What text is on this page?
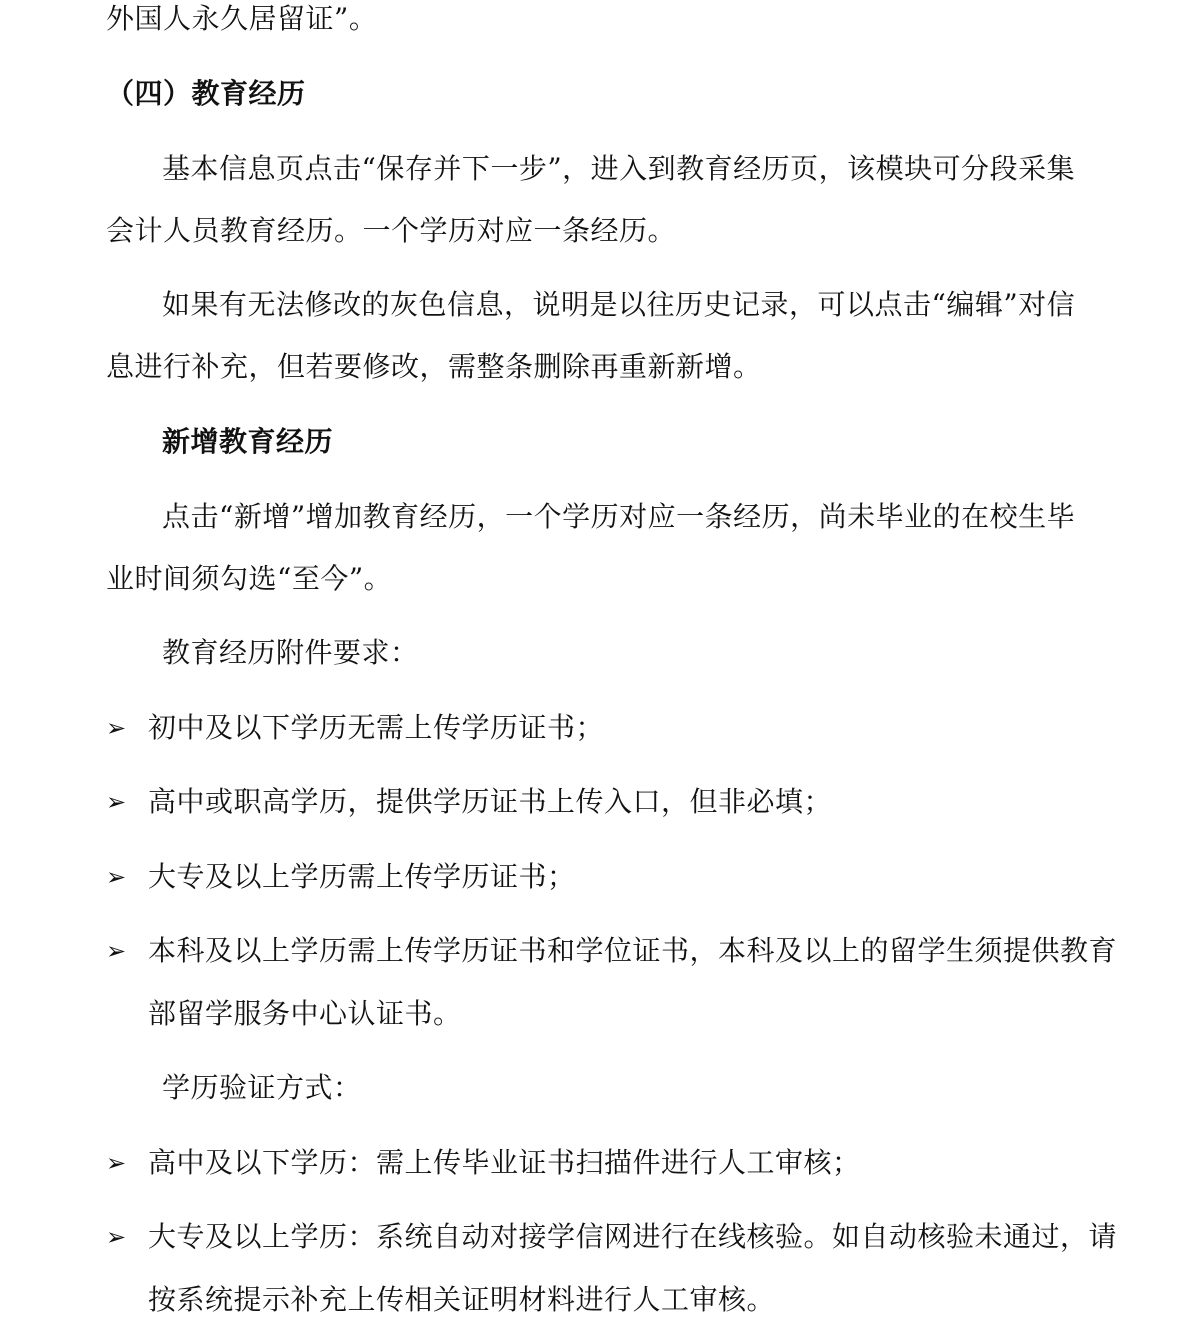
外国人永久居留证”。
（四）教育经历
基本信息页点击“保存并下一步”，进入到教育经历页，该模块可分段采集
会计人员教育经历。一个学历对应一条经历。
如果有无法修改的灰色信息，说明是以往历史记录，可以点击“编辑”对信
息进行补充，但若要修改，需整条删除再重新新增。
新增教育经历
点击“新增”增加教育经历，一个学历对应一条经历，尚未毕业的在校生毕
业时间须勾选“至今”。
教育经历附件要求：
➢ 初中及以下学历无需上传学历证书；
➢ 高中或职高学历，提供学历证书上传入口，但非必填；
➢ 大专及以上学历需上传学历证书；
➢ 本科及以上学历需上传学历证书和学位证书，本科及以上的留学生须提供教育
部留学服务中心认证书。
学历验证方式：
➢ 高中及以下学历：需上传毕业证书扫描件进行人工审核；
➢ 大专及以上学历：系统自动对接学信网进行在线核验。如自动核验未通过，请
按系统提示补充上传相关证明材料进行人工审核。
